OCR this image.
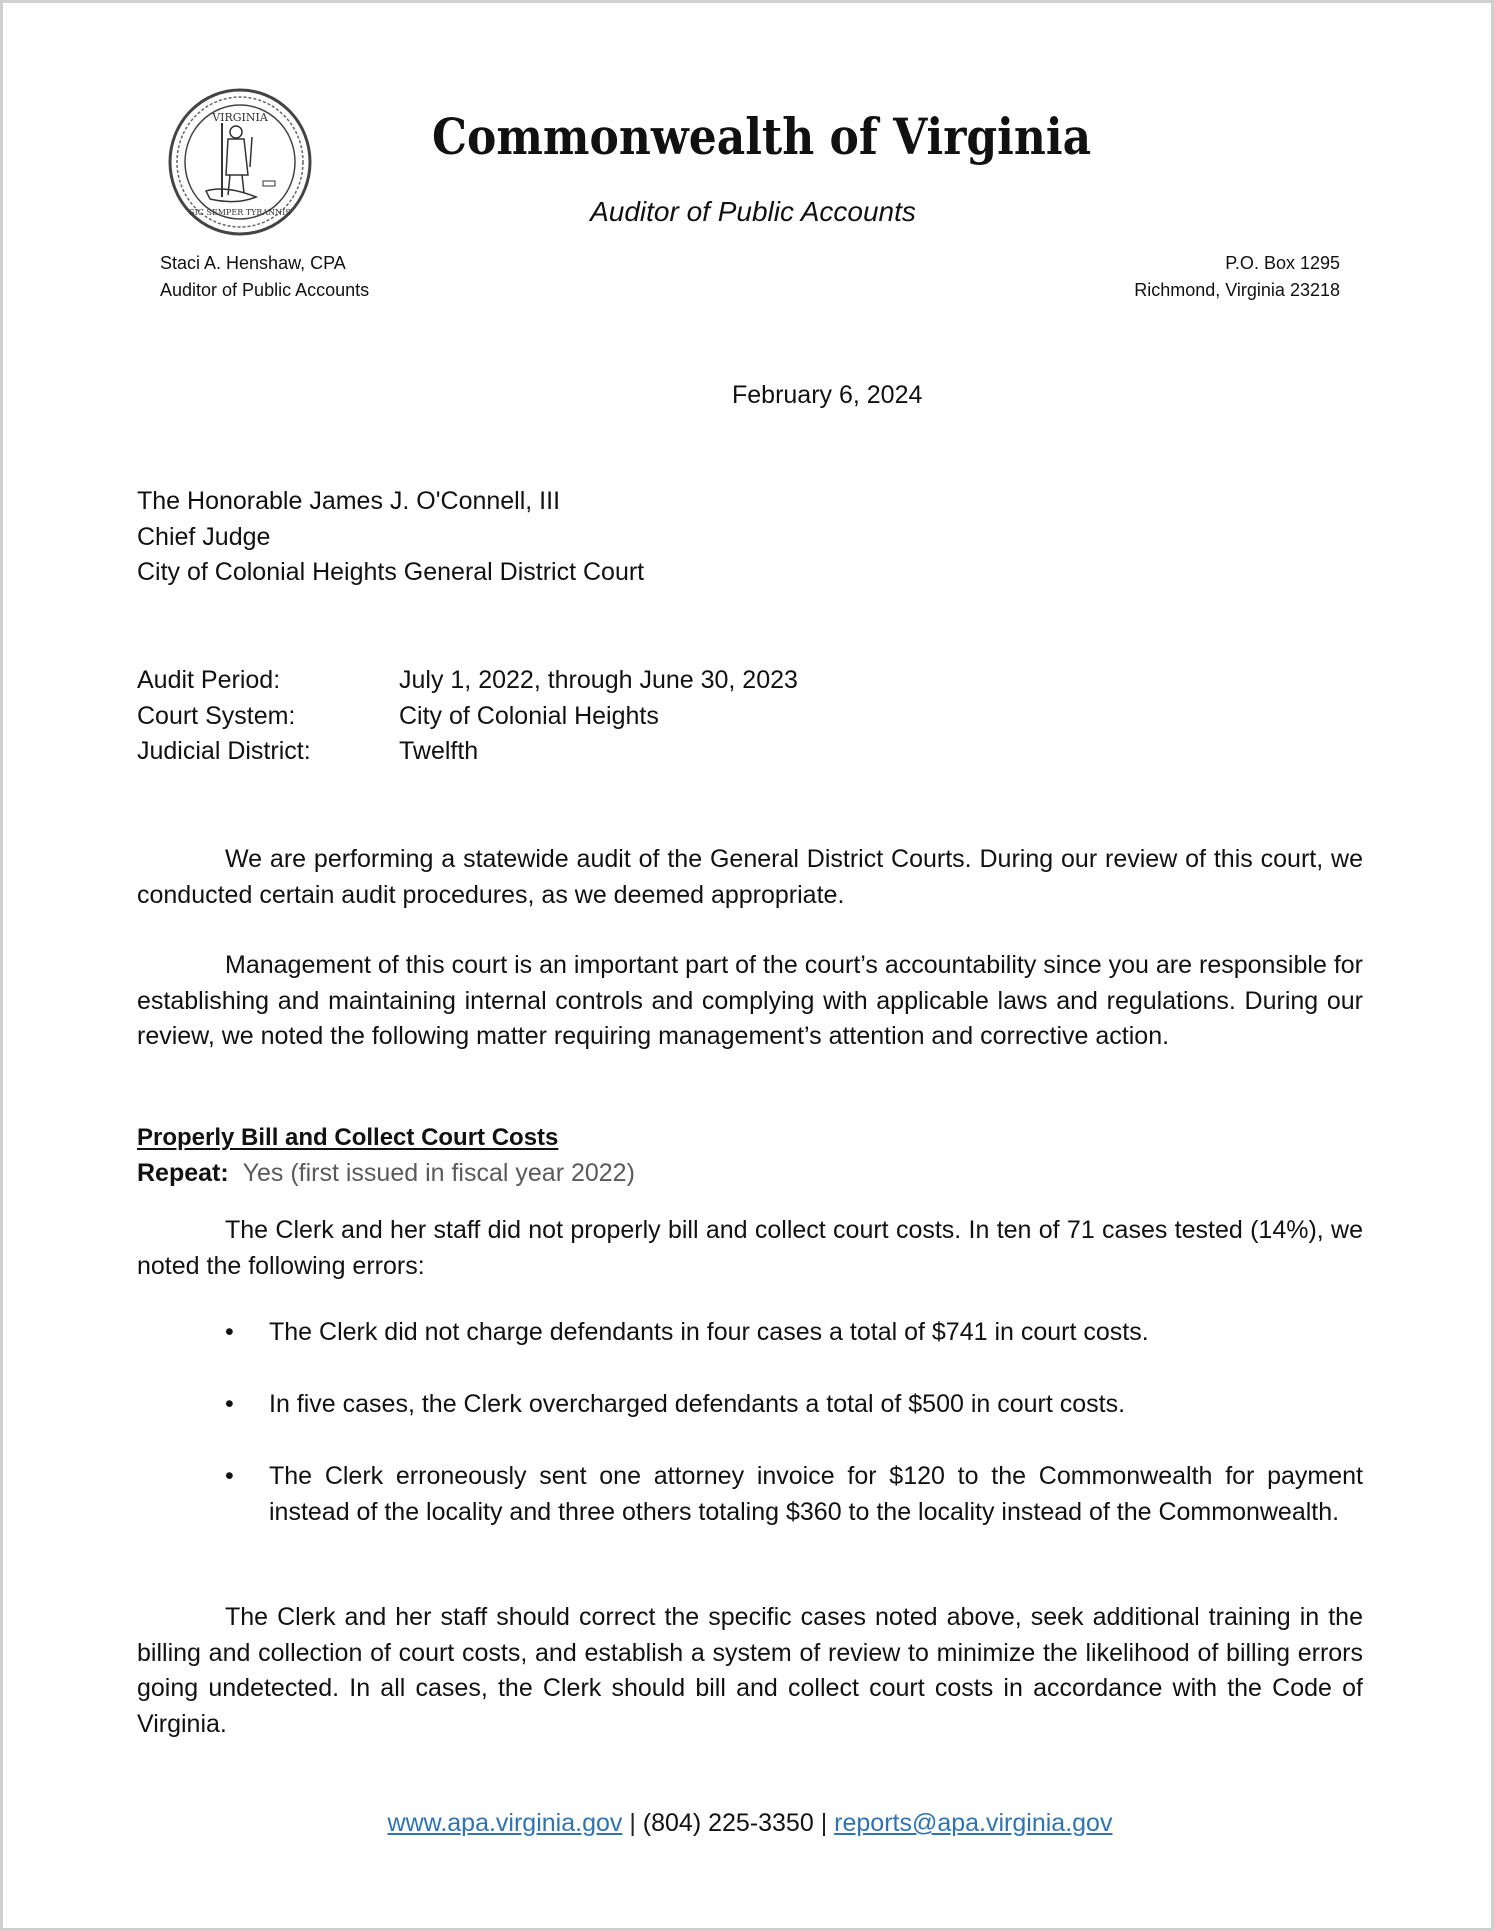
VIRGINIA
SIC SEMPER TYRANNIS
Commonwealth of Virginia
Auditor of Public Accounts
Staci A. Henshaw, CPA
Auditor of Public Accounts
P.O. Box 1295
Richmond, Virginia 23218
February 6, 2024
The Honorable James J. O'Connell, III
Chief Judge
City of Colonial Heights General District Court
Audit Period:	July 1, 2022, through June 30, 2023
Court System:	City of Colonial Heights
Judicial District:	Twelfth
We are performing a statewide audit of the General District Courts. During our review of this court, we conducted certain audit procedures, as we deemed appropriate.
Management of this court is an important part of the court’s accountability since you are responsible for establishing and maintaining internal controls and complying with applicable laws and regulations. During our review, we noted the following matter requiring management’s attention and corrective action.
Properly Bill and Collect Court Costs
Repeat: Yes (first issued in fiscal year 2022)
The Clerk and her staff did not properly bill and collect court costs. In ten of 71 cases tested (14%), we noted the following errors:
• The Clerk did not charge defendants in four cases a total of $741 in court costs.
• In five cases, the Clerk overcharged defendants a total of $500 in court costs.
• The Clerk erroneously sent one attorney invoice for $120 to the Commonwealth for payment instead of the locality and three others totaling $360 to the locality instead of the Commonwealth.
The Clerk and her staff should correct the specific cases noted above, seek additional training in the billing and collection of court costs, and establish a system of review to minimize the likelihood of billing errors going undetected. In all cases, the Clerk should bill and collect court costs in accordance with the Code of Virginia.
www.apa.virginia.gov | (804) 225-3350 | reports@apa.virginia.gov
